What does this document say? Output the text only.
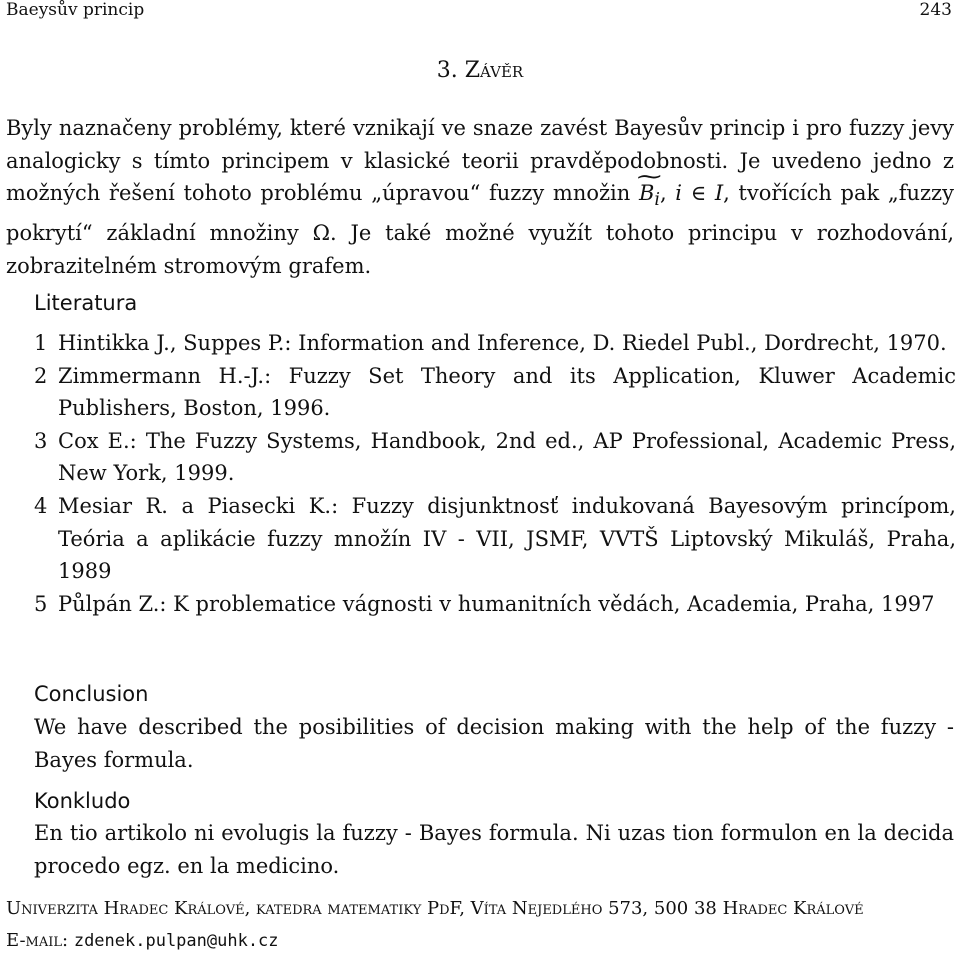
Baeysův princip	243
3. Závěr

Byly naznačeny problémy, které vznikají ve snaze zavést Bayesův princip i pro fuzzy jevy analogicky s tímto principem v klasické teorii pravděpodobnosti. Je uvedeno jedno z možných řešení tohoto problému „úpravou“ fuzzy množin ~ $B_i$, i ∈ I, tvořících pak „fuzzy pokrytí“ základní množiny Ω. Je také možné využít tohoto principu v rozhodování, zobrazitelném stromovým grafem.

Literatura
1 Hintikka J., Suppes P.: Information and Inference, D. Riedel Publ., Dordrecht, 1970.
2 Zimmermann H.-J.: Fuzzy Set Theory and its Application, Kluwer Academic Publishers, Boston, 1996.
3 Cox E.: The Fuzzy Systems, Handbook, 2nd ed., AP Professional, Academic Press, New York, 1999.
4 Mesiar R. a Piasecki K.: Fuzzy disjunktnosť indukovaná Bayesovým princípom, Teória a aplikácie fuzzy množín IV - VII, JSMF, VVTŠ Liptovský Mikuláš, Praha, 1989
5 Půlpán Z.: K problematice vágnosti v humanitních vědách, Academia, Praha, 1997
Conclusion

We have described the posibilities of decision making with the help of the fuzzy - Bayes formula.

Konkludo

En tio artikolo ni evolugis la fuzzy - Bayes formula. Ni uzas tion formulon en la decida procedo egz. en la medicino.

Univerzita Hradec Králové, katedra matematiky PdF, Víta Nejedlého 573, 500 38 Hradec Králové
E-mail: zdenek.pulpan@uhk.cz
